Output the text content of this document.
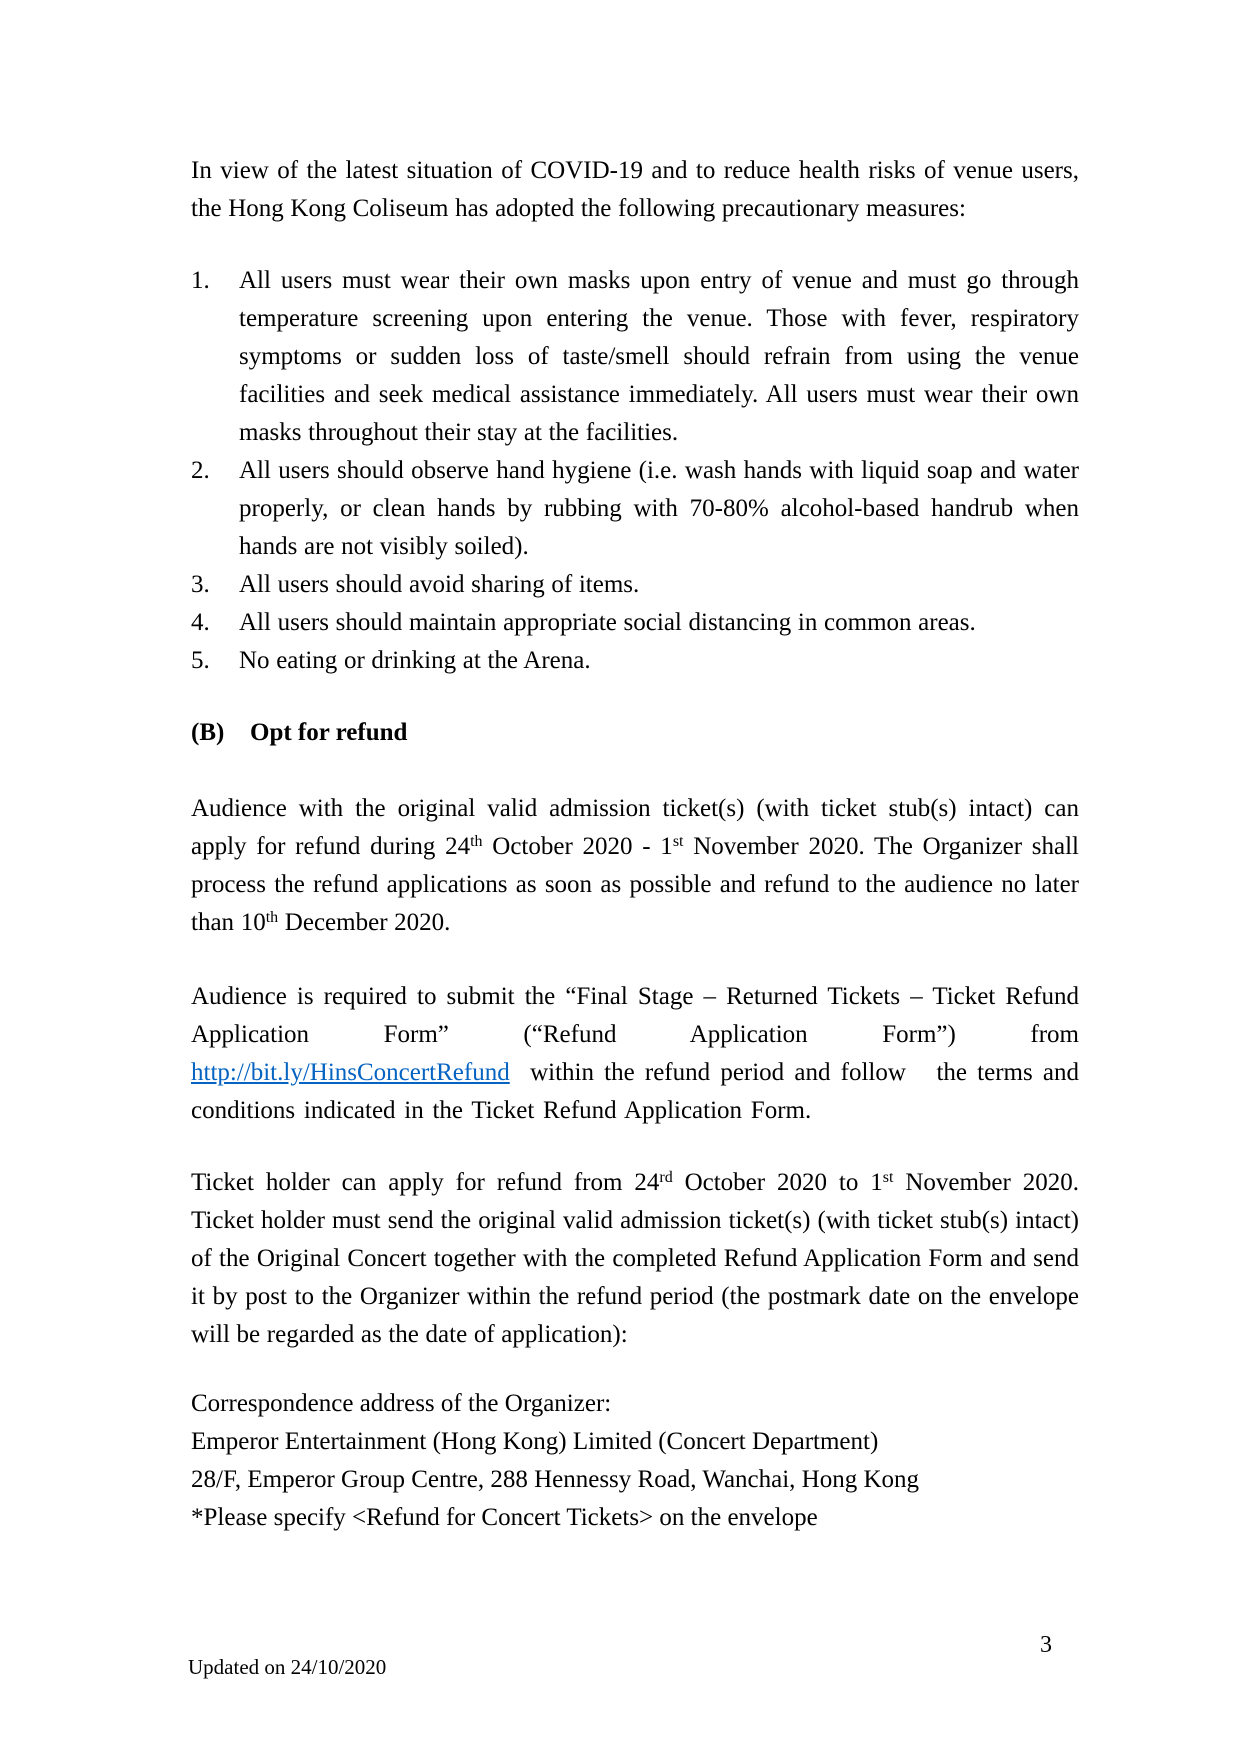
In view of the latest situation of COVID-19 and to reduce health risks of venue users, the Hong Kong Coliseum has adopted the following precautionary measures:

1. All users must wear their own masks upon entry of venue and must go through temperature screening upon entering the venue. Those with fever, respiratory symptoms or sudden loss of taste/smell should refrain from using the venue facilities and seek medical assistance immediately. All users must wear their own masks throughout their stay at the facilities.
2. All users should observe hand hygiene (i.e. wash hands with liquid soap and water properly, or clean hands by rubbing with 70-80% alcohol-based handrub when hands are not visibly soiled).
3. All users should avoid sharing of items.
4. All users should maintain appropriate social distancing in common areas.
5. No eating or drinking at the Arena.
(B) Opt for refund

Audience with the original valid admission ticket(s) (with ticket stub(s) intact) can apply for refund during 24th October 2020 - 1st November 2020. The Organizer shall process the refund applications as soon as possible and refund to the audience no later than 10th December 2020.

Audience is required to submit the “Final Stage – Returned Tickets – Ticket Refund Application Form” (“Refund Application Form”) from http://bit.ly/HinsConcertRefund  within the refund period and follow   the terms and conditions indicated in the Ticket Refund Application Form.

Ticket holder can apply for refund from 24rd October 2020 to 1st November 2020. Ticket holder must send the original valid admission ticket(s) (with ticket stub(s) intact) of the Original Concert together with the completed Refund Application Form and send it by post to the Organizer within the refund period (the postmark date on the envelope will be regarded as the date of application):

Correspondence address of the Organizer:
Emperor Entertainment (Hong Kong) Limited (Concert Department)
28/F, Emperor Group Centre, 288 Hennessy Road, Wanchai, Hong Kong
*Please specify <Refund for Concert Tickets> on the envelope
3
Updated on 24/10/2020
